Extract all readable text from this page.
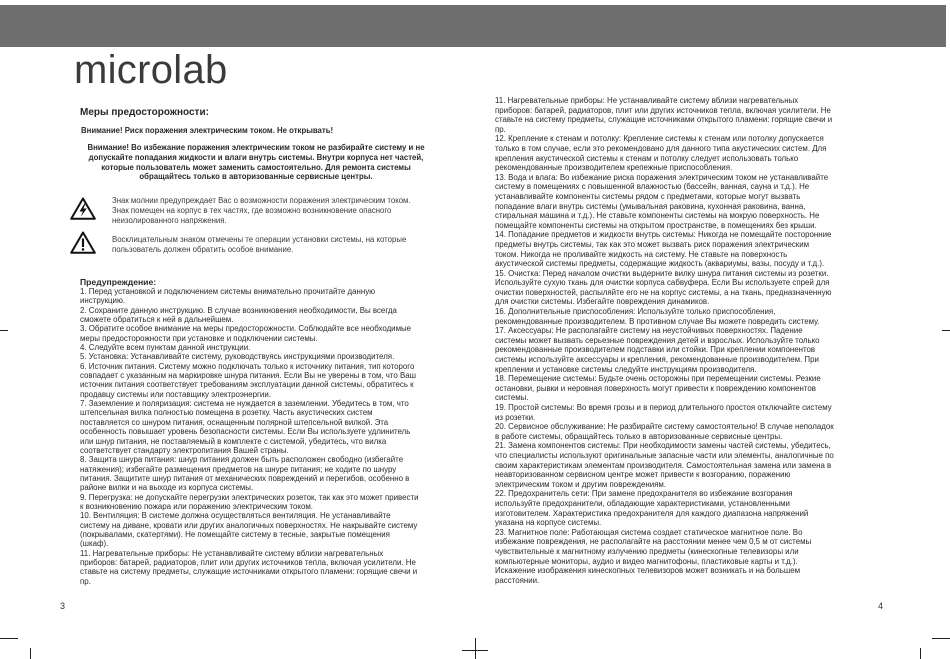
microlab
Меры предосторожности:
Внимание! Риск поражения электрическим током. Не открывать!
Внимание! Во избежание поражения электрическим током не разбирайте систему и не
допускайте попадания жидкости и влаги внутрь системы. Внутри корпуса нет частей,
которые пользователь может заменить самостоятельно. Для ремонта системы
обращайтесь только в авторизованные сервисные центры.
Знак молнии предупреждает Вас о возможности поражения электрическим током.
Знак помещен на корпус в тех частях, где возможно возникновение опасного
неизолированного напряжения.
Восклицательным знаком отмечены те операции установки системы, на которые
пользователь должен обратить особое внимание.
Предупреждение:
1. Перед установкой и подключением системы внимательно прочитайте данную
инструкцию.
2. Сохраните данную инструкцию. В случае возникновения необходимости, Вы всегда
сможете обратиться к ней в дальнейшем.
3. Обратите особое внимание на меры предосторожности. Соблюдайте все необходимые
меры предосторожности при установке и подключении системы.
4. Следуйте всем пунктам данной инструкции.
5. Установка: Устанавливайте систему, руководствуясь инструкциями производителя.
6. Источник питания. Систему можно подключать только к источнику питания, тип которого
совпадает с указанным на маркировке шнура питания. Если Вы не уверены в том, что Ваш
источник питания соответствует требованиям эксплуатации данной системы, обратитесь к
продавцу системы или поставщику электроэнергии.
7. Заземление и поляризация: система не нуждается в заземлении. Убедитесь в том, что
штепсельная вилка полностью помещена в розетку. Часть акустических систем
поставляется со шнуром питания, оснащенным полярной штепсельной вилкой. Эта
особенность повышает уровень безопасности системы. Если Вы используете удлинитель
или шнур питания, не поставляемый в комплекте с системой, убедитесь, что вилка
соответствует стандарту электропитания Вашей страны.
8. Защита шнура питания: шнур питания должен быть расположен свободно (избегайте
натяжения); избегайте размещения предметов на шнуре питания; не ходите по шнуру
питания. Защитите шнур питания от механических повреждений и перегибов, особенно в
районе вилки и на выходе из корпуса системы.
9. Перегрузка: не допускайте перегрузки электрических розеток, так как это может привести
к возникновению пожара или поражению электрическим током.
10. Вентиляция: В системе должна осуществляться вентиляция. Не устанавливайте
систему на диване, кровати или других аналогичных поверхностях. Не накрывайте систему
(покрывалами, скатертями). Не помещайте систему в тесные, закрытые помещения
(шкаф).
11. Нагревательные приборы: Не устанавливайте систему вблизи нагревательных
приборов: батарей, радиаторов, плит или других источников тепла, включая усилители. Не
ставьте на систему предметы, служащие источниками открытого пламени: горящие свечи и
пр.
3
11. Нагревательные приборы: Не устанавливайте систему вблизи нагревательных
приборов: батарей, радиаторов, плит или других источников тепла, включая усилители. Не
ставьте на систему предметы, служащие источниками открытого пламени: горящие свечи и
пр.
12. Крепление к стенам и потолку: Крепление системы к стенам или потолку допускается
только в том случае, если это рекомендовано для данного типа акустических систем. Для
крепления акустической системы к стенам и потолку следует использовать только
рекомендованные производителем крепежные приспособления.
13. Вода и влага: Во избежание риска поражения электрическим током не устанавливайте
систему в помещениях с повышенной влажностью (бассейн, ванная, сауна и т.д.). Не
устанавливайте компоненты системы рядом с предметами, которые могут вызвать
попадание влаги внутрь системы (умывальная раковина, кухонная раковина, ванна,
стиральная машина и т.д.). Не ставьте компоненты системы на мокрую поверхность. Не
помещайте компоненты системы на открытом пространстве, в помещениях без крыши.
14. Попадание предметов и жидкости внутрь системы: Никогда не помещайте посторонние
предметы внутрь системы, так как это может вызвать риск поражения электрическим
током. Никогда не проливайте жидкость на систему. Не ставьте на поверхность
акустической системы предметы, содержащие жидкость (аквариумы, вазы, посуду и т.д.).
15. Очистка: Перед началом очистки выдерните вилку шнура питания системы из розетки.
Используйте сухую ткань для очистки корпуса сабвуфера. Если Вы используете спрей для
очистки поверхностей, распыляйте его не на корпус системы, а на ткань, предназначенную
для очистки системы. Избегайте повреждения динамиков.
16. Дополнительные приспособления: Используйте только приспособления,
рекомендованные производителем. В противном случае Вы можете повредить систему.
17. Аксессуары: Не располагайте систему на неустойчивых поверхностях. Падение
системы может вызвать серьезные повреждения детей и взрослых. Используйте только
рекомендованные производителем подставки или стойки. При креплении компонентов
системы используйте аксессуары и крепления, рекомендованные производителем. При
креплении и установке системы следуйте инструкциям производителя.
18. Перемещение системы: Будьте очень осторожны при перемещении системы. Резкие
остановки, рывки и неровная поверхность могут привести к повреждению компонентов
системы.
19. Простой системы: Во время грозы и в период длительного простоя отключайте систему
из розетки.
20. Сервисное обслуживание: Не разбирайте систему самостоятельно! В случае неполадок
в работе системы, обращайтесь только в авторизованные сервисные центры.
21. Замена компонентов системы: При необходимости замены частей системы, убедитесь,
что специалисты используют оригинальные запасные части или элементы, аналогичные по
своим характеристикам элементам производителя. Самостоятельная замена или замена в
неавторизованном сервисном центре может привести к возгоранию, поражению
электрическим током и другим повреждениям.
22. Предохранитель сети: При замене предохранителя во избежание возгорания
используйте предохранители, обладающие характеристиками, установленными
изготовителем. Характеристика предохранителя для каждого диапазона напряжений
указана на корпусе системы.
23. Магнитное поле: Работающая система создает статическое магнитное поле. Во
избежание повреждения, не располагайте на расстоянии менее чем 0,5 м от системы
чувствительные к магнитному излучению предметы (кинескопные телевизоры или
компьютерные мониторы, аудио и видео магнитофоны, пластиковые карты и т.д.).
Искажение изображения кинескопных телевизоров может возникать и на большем
расстоянии.
4
